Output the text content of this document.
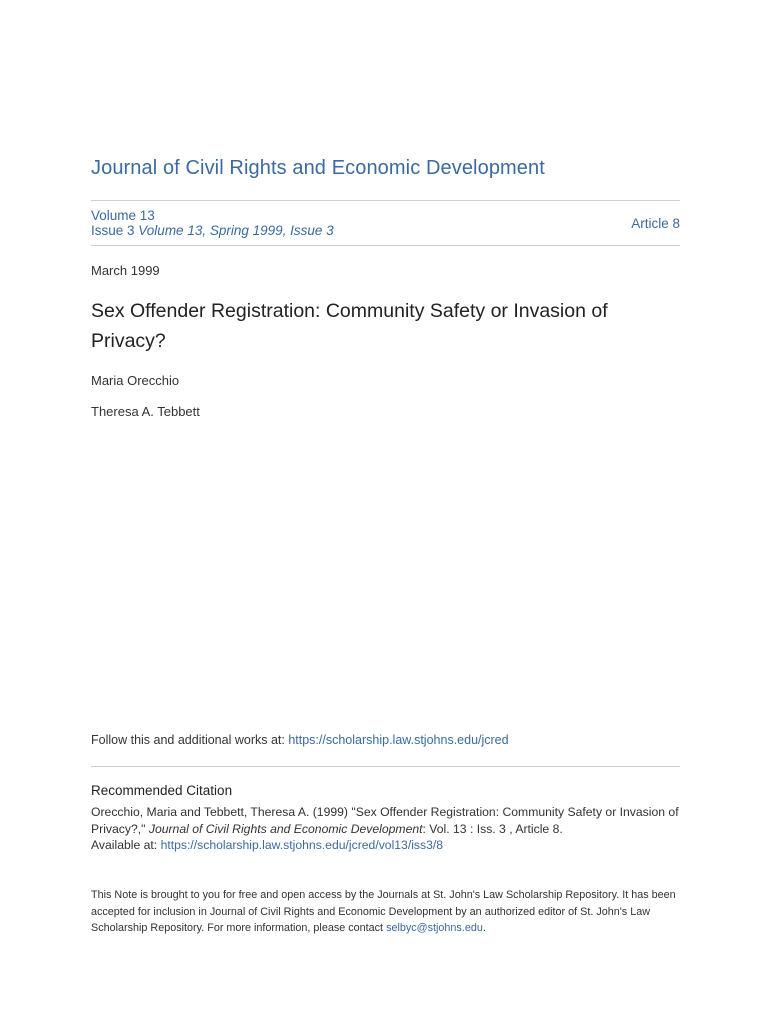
Journal of Civil Rights and Economic Development
Volume 13
Issue 3 Volume 13, Spring 1999, Issue 3	Article 8
March 1999
Sex Offender Registration: Community Safety or Invasion of Privacy?
Maria Orecchio
Theresa A. Tebbett
Follow this and additional works at: https://scholarship.law.stjohns.edu/jcred
Recommended Citation
Orecchio, Maria and Tebbett, Theresa A. (1999) "Sex Offender Registration: Community Safety or Invasion of Privacy?," Journal of Civil Rights and Economic Development: Vol. 13 : Iss. 3 , Article 8.
Available at: https://scholarship.law.stjohns.edu/jcred/vol13/iss3/8
This Note is brought to you for free and open access by the Journals at St. John's Law Scholarship Repository. It has been accepted for inclusion in Journal of Civil Rights and Economic Development by an authorized editor of St. John's Law Scholarship Repository. For more information, please contact selbyc@stjohns.edu.
